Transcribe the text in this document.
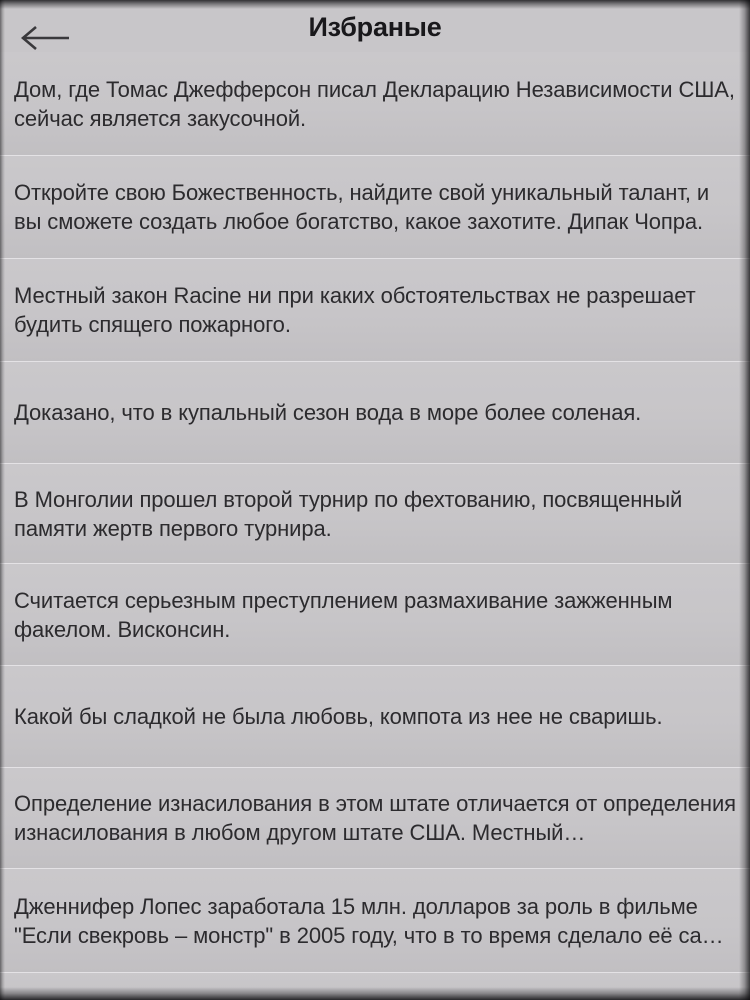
Избраные

Дом, где Томас Джефферсон писал Декларацию Независимости США, сейчас является закусочной.

Откройте свою Божественность, найдите свой уникальный талант, и вы сможете создать любое богатство, какое захотите. Дипак Чопра.

Местный закон Racine ни при каких обстоятельствах не разрешает будить спящего пожарного.

Доказано, что в купальный сезон вода в море более соленая.

В Монголии прошел второй турнир по фехтованию, посвященный памяти жертв первого турнира.

Считается серьезным преступлением размахивание зажженным факелом. Висконсин.

Какой бы сладкой не была любовь, компота из нее не сваришь.

Определение изнасилования в этом штате отличается от определения изнасилования в любом другом штате США. Местный…

Дженнифер Лопес заработала 15 млн. долларов за роль в фильме "Если свекровь – монстр" в 2005 году, что в то время сделало её са…
